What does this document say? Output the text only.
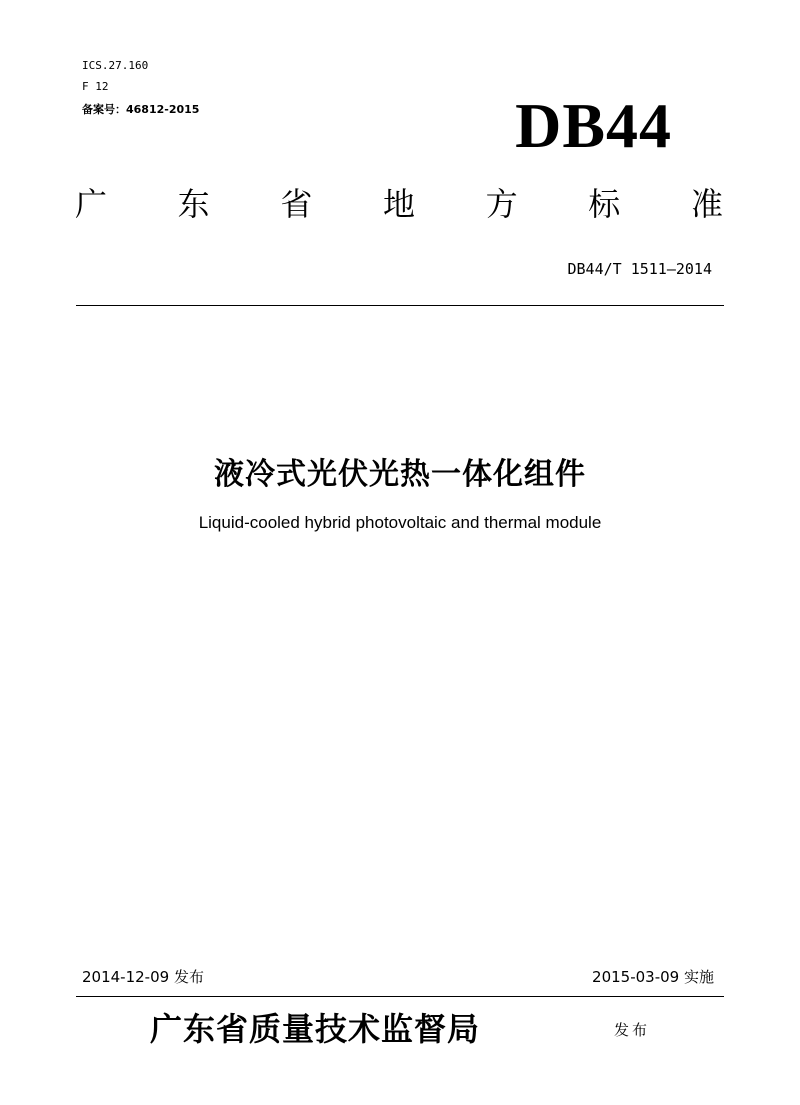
ICS.27.160
F 12
备案号：46812-2015	DB44
广 东 省 地 方 标 准
DB44/T 1511—2014
液冷式光伏光热一体化组件
Liquid-cooled hybrid photovoltaic and thermal module
2014-12-09 发布	2015-03-09 实施
广东省质量技术监督局	发布
